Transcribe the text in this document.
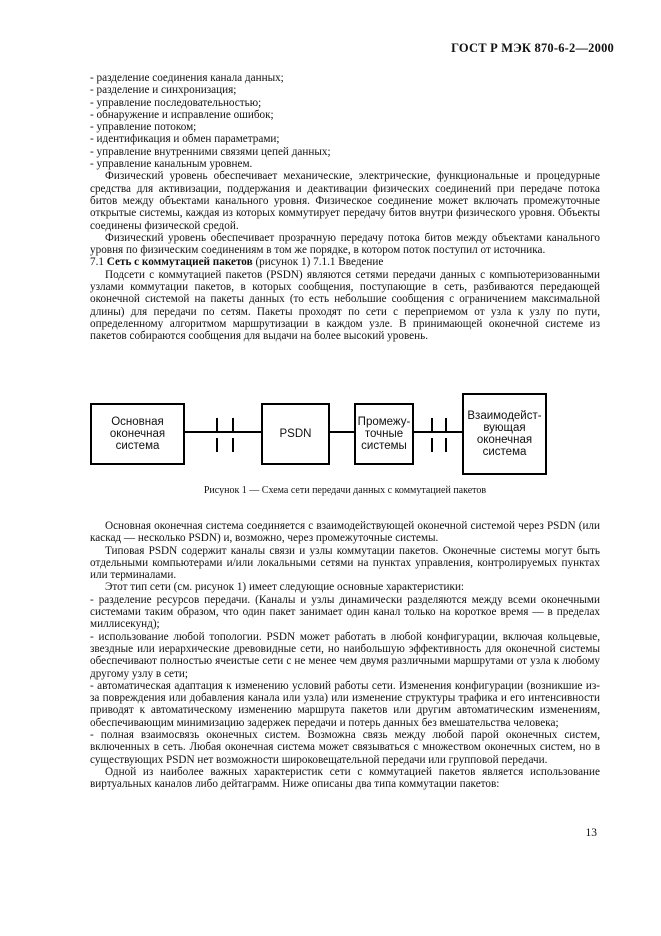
ГОСТ Р МЭК 870-6-2—2000
- разделение соединения канала данных;
- разделение и синхронизация;
- управление последовательностью;
- обнаружение и исправление ошибок;
- управление потоком;
- идентификация и обмен параметрами;
- управление внутренними связями цепей данных;
- управление канальным уровнем.
Физический уровень обеспечивает механические, электрические, функциональные и процедурные средства для активизации, поддержания и деактивации физических соединений при передаче потока битов между объектами канального уровня. Физическое соединение может включать промежуточные открытые системы, каждая из которых коммутирует передачу битов внутри физического уровня. Объекты соединены физической средой.
Физический уровень обеспечивает прозрачную передачу потока битов между объектами канального уровня по физическим соединениям в том же порядке, в котором поток поступил от источника.
7.1 Сеть с коммутацией пакетов (рисунок 1) 7.1.1 Введение
Подсети с коммутацией пакетов (PSDN) являются сетями передачи данных с компьютеризованными узлами коммутации пакетов, в которых сообщения, поступающие в сеть, разбиваются передающей оконечной системой на пакеты данных (то есть небольшие сообщения с ограничением максимальной длины) для передачи по сетям. Пакеты проходят по сети с переприемом от узла к узлу по пути, определенному алгоритмом маршрутизации в каждом узле. В принимающей оконечной системе из пакетов собираются сообщения для выдачи на более высокий уровень.
Основная
оконечная
система
PSDN
Промежу-
точные
системы
Взаимодейст-
вующая
оконечная
система
Рисунок 1 — Схема сети передачи данных с коммутацией пакетов
Основная оконечная система соединяется с взаимодействующей оконечной системой через PSDN (или каскад — несколько PSDN) и, возможно, через промежуточные системы.
Типовая PSDN содержит каналы связи и узлы коммутации пакетов. Оконечные системы могут быть отдельными компьютерами и/или локальными сетями на пунктах управления, контролируемых пунктах или терминалами.
Этот тип сети (см. рисунок 1) имеет следующие основные характеристики:
- разделение ресурсов передачи. (Каналы и узлы динамически разделяются между всеми оконечными системами таким образом, что один пакет занимает один канал только на короткое время — в пределах миллисекунд);
- использование любой топологии. PSDN может работать в любой конфигурации, включая кольцевые, звездные или иерархические древовидные сети, но наибольшую эффективность для оконечной системы обеспечивают полностью ячеистые сети с не менее чем двумя различными маршрутами от узла к любому другому узлу в сети;
- автоматическая адаптация к изменению условий работы сети. Изменения конфигурации (возникшие из-за повреждения или добавления канала или узла) или изменение структуры трафика и его интенсивности приводят к автоматическому изменению маршрута пакетов или другим автоматическим изменениям, обеспечивающим минимизацию задержек передачи и потерь данных без вмешательства человека;
- полная взаимосвязь оконечных систем. Возможна связь между любой парой оконечных систем, включенных в сеть. Любая оконечная система может связываться с множеством оконечных систем, но в существующих PSDN нет возможности широковещательной передачи или групповой передачи.
Одной из наиболее важных характеристик сети с коммутацией пакетов является использование виртуальных каналов либо дейтаграмм. Ниже описаны два типа коммутации пакетов:
13
